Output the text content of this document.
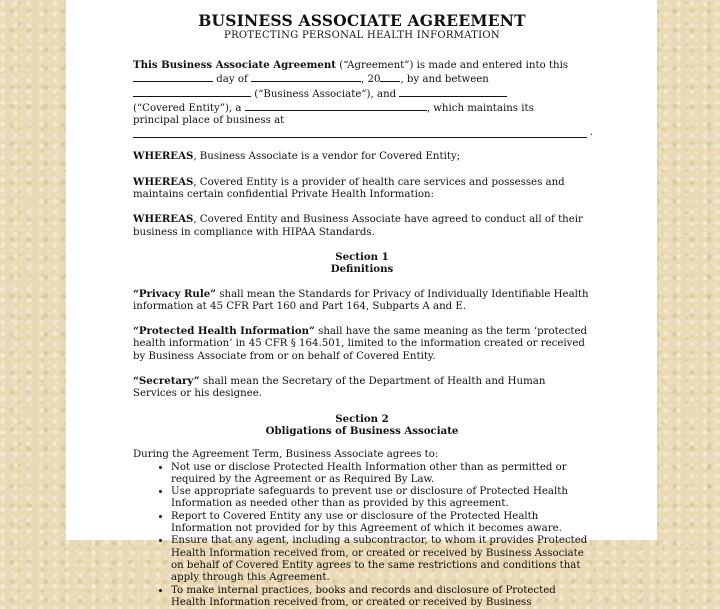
BUSINESS ASSOCIATE AGREEMENT
PROTECTING PERSONAL HEALTH INFORMATION

This Business Associate Agreement (“Agreement”) is made and entered into this
day of	, 20 , by and between
(“Business Associate”), and
(“Covered Entity”), a	, which maintains its
principal place of business at

.

WHEREAS, Business Associate is a vendor for Covered Entity;

WHEREAS, Covered Entity is a provider of health care services and possesses and maintains certain confidential Private Health Information:

WHEREAS, Covered Entity and Business Associate have agreed to conduct all of their business in compliance with HIPAA Standards.

Section 1
Definitions

“Privacy Rule” shall mean the Standards for Privacy of Individually Identifiable Health information at 45 CFR Part 160 and Part 164, Subparts A and E.

“Protected Health Information” shall have the same meaning as the term ‘protected health information’ in 45 CFR § 164.501, limited to the information created or received by Business Associate from or on behalf of Covered Entity.

“Secretary” shall mean the Secretary of the Department of Health and Human Services or his designee.

Section 2
Obligations of Business Associate

During the Agreement Term, Business Associate agrees to:

• Not use or disclose Protected Health Information other than as permitted or required by the Agreement or as Required By Law.
• Use appropriate safeguards to prevent use or disclosure of Protected Health Information as needed other than as provided by this agreement.
• Report to Covered Entity any use or disclosure of the Protected Health Information not provided for by this Agreement of which it becomes aware.
• Ensure that any agent, including a subcontractor, to whom it provides Protected Health Information received from, or created or received by Business Associate on behalf of Covered Entity agrees to the same restrictions and conditions that apply through this Agreement.
• To make internal practices, books and records and disclosure of Protected Health Information received from, or created or received by Business
